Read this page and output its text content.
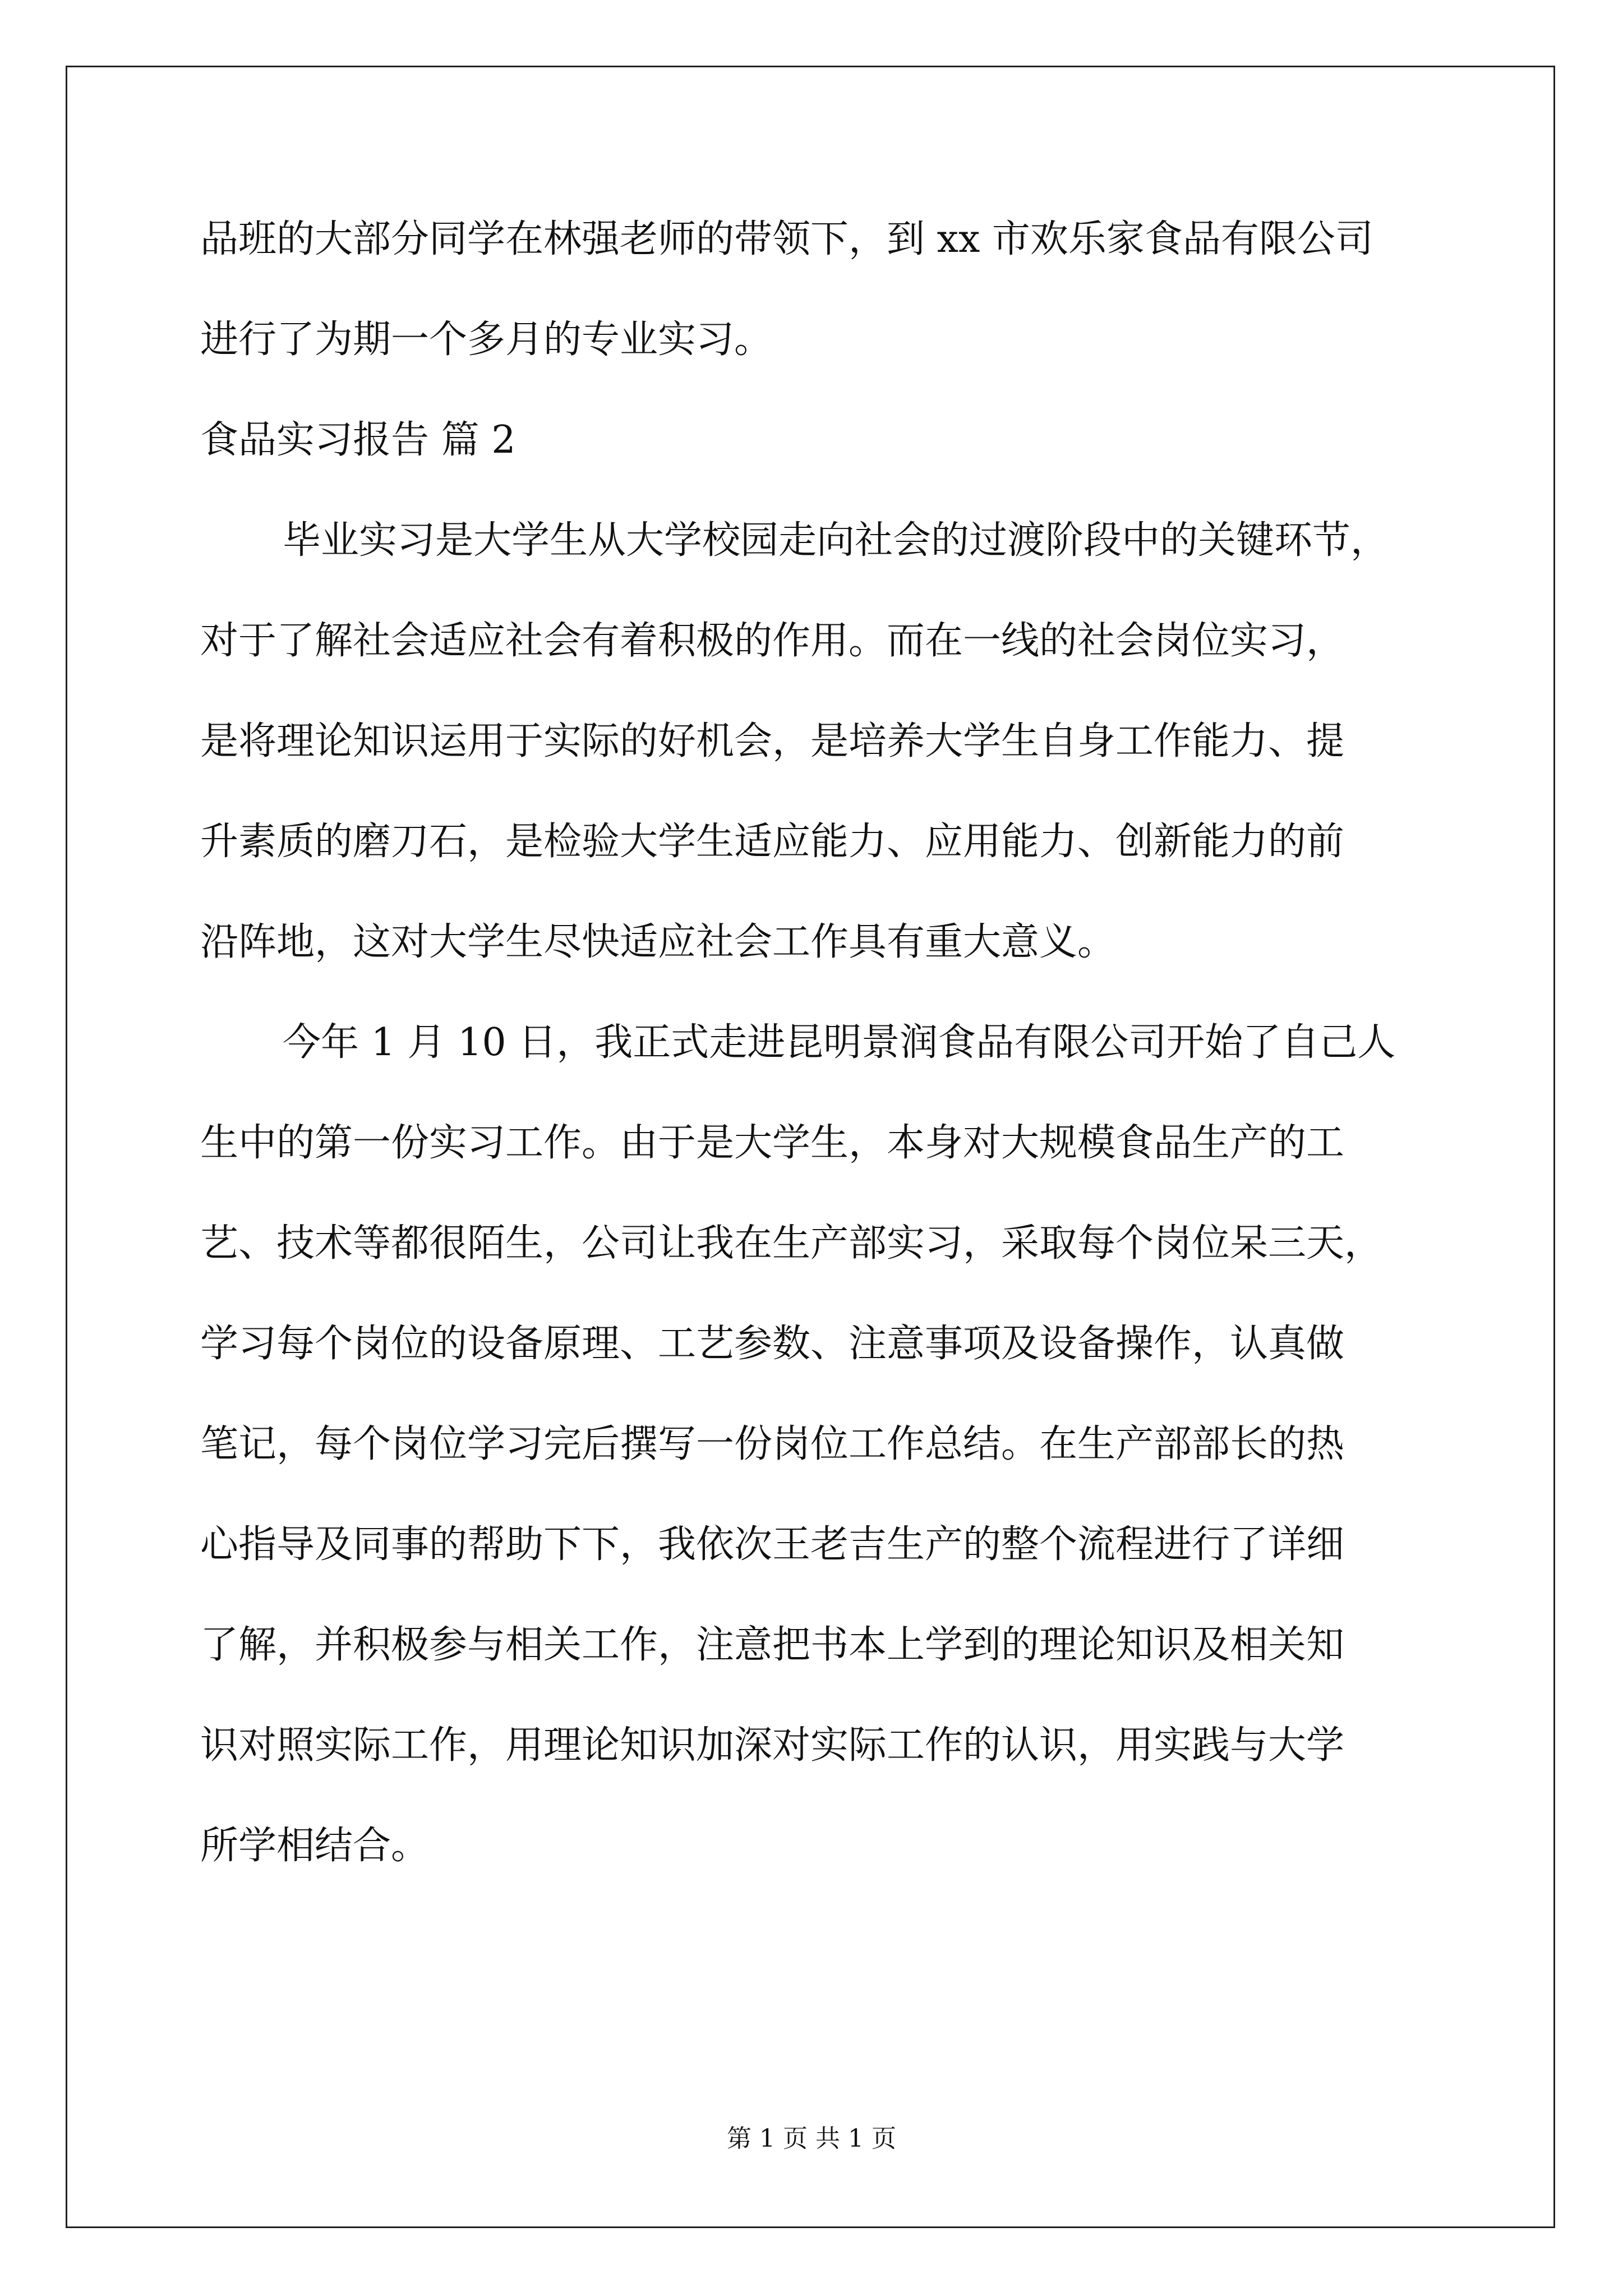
品班的大部分同学在林强老师的带领下，到 xx 市欢乐家食品有限公司
进行了为期一个多月的专业实习。
食品实习报告 篇 2
毕业实习是大学生从大学校园走向社会的过渡阶段中的关键环节，
对于了解社会适应社会有着积极的作用。而在一线的社会岗位实习，
是将理论知识运用于实际的好机会，是培养大学生自身工作能力、提
升素质的磨刀石，是检验大学生适应能力、应用能力、创新能力的前
沿阵地，这对大学生尽快适应社会工作具有重大意义。
今年 1 月 10 日，我正式走进昆明景润食品有限公司开始了自己人
生中的第一份实习工作。由于是大学生，本身对大规模食品生产的工
艺、技术等都很陌生，公司让我在生产部实习，采取每个岗位呆三天，
学习每个岗位的设备原理、工艺参数、注意事项及设备操作，认真做
笔记，每个岗位学习完后撰写一份岗位工作总结。在生产部部长的热
心指导及同事的帮助下下，我依次王老吉生产的整个流程进行了详细
了解，并积极参与相关工作，注意把书本上学到的理论知识及相关知
识对照实际工作，用理论知识加深对实际工作的认识，用实践与大学
所学相结合。
第 1 页 共 1 页
